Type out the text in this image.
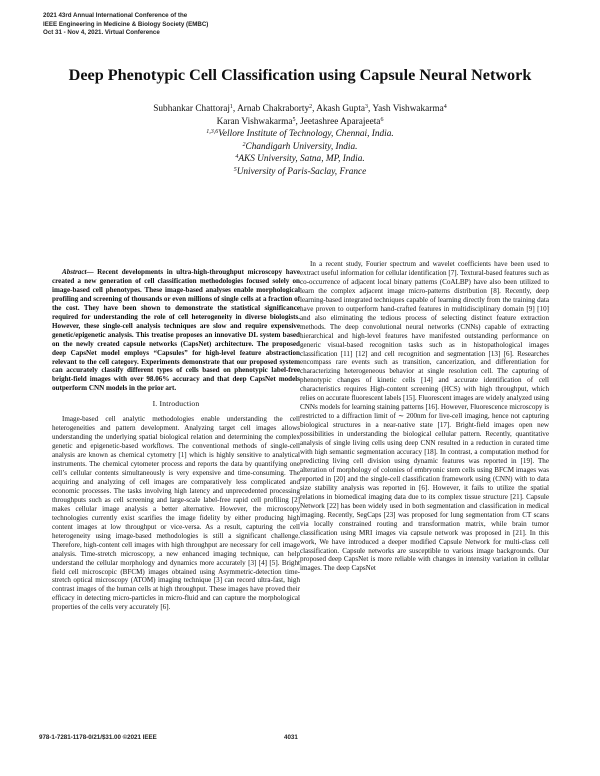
2021 43rd Annual International Conference of the
IEEE Engineering in Medicine & Biology Society (EMBC)
Oct 31 - Nov 4, 2021. Virtual Conference
Deep Phenotypic Cell Classification using Capsule Neural Network
Subhankar Chattoraj$^1$, Arnab Chakraborty$^2$, Akash Gupta$^3$, Yash Vishwakarma$^4$
Karan Vishwakarma$^5$, Jeetashree Aparajeeta$^6$
$^{1,3,6}$Vellore Institute of Technology, Chennai, India.
$^2$Chandigarh University, India.
$^4$AKS University, Satna, MP, India.
$^5$University of Paris-Saclay, France

Abstract— Recent developments in ultra-high-throughput microscopy have created a new generation of cell classification methodologies focused solely on image-based cell phenotypes. These image-based analyses enable morphological profiling and screening of thousands or even millions of single cells at a fraction of the cost. They have been shown to demonstrate the statistical significance required for understanding the role of cell heterogeneity in diverse biologists. However, these single-cell analysis techniques are slow and require expensive genetic/epigenetic analysis. This treatise proposes an innovative DL system based on the newly created capsule networks (CapsNet) architecture. The proposed deep CapsNet model employs “Capsules” for high-level feature abstraction relevant to the cell category. Experiments demonstrate that our proposed system can accurately classify different types of cells based on phenotypic label-free bright-field images with over 98.06% accuracy and that deep CapsNet models outperform CNN models in the prior art.

I. Introduction

Image-based cell analytic methodologies enable understanding the cell heterogeneities and pattern development. Analyzing target cell images allows understanding the underlying spatial biological relation and determining the complex genetic and epigenetic-based workflows. The conventional methods of single-cell analysis are known as chemical cytometry [1] which is highly sensitive to analytical instruments. The chemical cytometer process and reports the data by quantifying one cell’s cellular contents simultaneously is very expensive and time-consuming. The acquiring and analyzing of cell images are comparatively less complicated and economic processes. The tasks involving high latency and unprecedented processing throughputs such as cell screening and large-scale label-free rapid cell profiling [2] makes cellular image analysis a better alternative. However, the microscopy technologies currently exist scarifies the image fidelity by either producing high content images at low throughput or vice-versa. As a result, capturing the cell heterogeneity using image-based methodologies is still a significant challenge. Therefore, high-content cell images with high throughput are necessary for cell image analysis. Time-stretch microscopy, a new enhanced imaging technique, can help understand the cellular morphology and dynamics more accurately [3] [4] [5]. Bright field cell microscopic (BFCM) images obtained using Asymmetric-detection time-stretch optical microscopy (ATOM) imaging technique [3] can record ultra-fast, high contrast images of the human cells at high throughput. These images have proved their efficacy in detecting micro-particles in micro-fluid and can capture the morphological properties of the cells very accurately [6].

In a recent study, Fourier spectrum and wavelet coefficients have been used to extract useful information for cellular identification [7]. Textural-based features such as co-occurrence of adjacent local binary patterns (CoALBP) have also been utilized to learn the complex adjacent image micro-patterns distribution [8]. Recently, deep learning-based integrated techniques capable of learning directly from the training data have proven to outperform hand-crafted features in multidisciplinary domain [9] [10] and also eliminating the tedious process of selecting distinct feature extraction methods. The deep convolutional neural networks (CNNs) capable of extracting hierarchical and high-level features have manifested outstanding performance on generic visual-based recognition tasks such as in histopathological images classification [11] [12] and cell recognition and segmentation [13] [6]. Researches encompass rare events such as transition, cancerization, and differentiation for characterizing heterogeneous behavior at single resolution cell. The capturing of phenotypic changes of kinetic cells [14] and accurate identification of cell characteristics requires High-content screening (HCS) with high throughput, which relies on accurate fluorescent labels [15]. Fluorescent images are widely analyzed using CNNs models for learning staining patterns [16]. However, Fluorescence microscopy is restricted to a diffraction limit of ∼ 200nm for live-cell imaging, hence not capturing biological structures in a near-native state [17]. Bright-field images open new possibilities in understanding the biological cellular pattern. Recently, quantitative analysis of single living cells using deep CNN resulted in a reduction in curated time with high semantic segmentation accuracy [18]. In contrast, a computation method for predicting living cell division using dynamic features was reported in [19]. The alteration of morphology of colonies of embryonic stem cells using BFCM images was reported in [20] and the single-cell classification framework using (CNN) with to data size stability analysis was reported in [6]. However, it fails to utilize the spatial relations in biomedical imaging data due to its complex tissue structure [21]. Capsule Network [22] has been widely used in both segmentation and classification in medical imaging. Recently, SegCaps [23] was proposed for lung segmentation from CT scans via locally constrained routing and transformation matrix, while brain tumor classification using MRI images via capsule network was proposed in [21]. In this work, We have introduced a deeper modified Capsule Network for multi-class cell classification. Capsule networks are susceptible to various image backgrounds. Our proposed deep CapsNet is more reliable with changes in intensity variation in cellular images. The deep CapsNet

978-1-7281-1178-0/21/$31.00 ©2021 IEEE	4031
